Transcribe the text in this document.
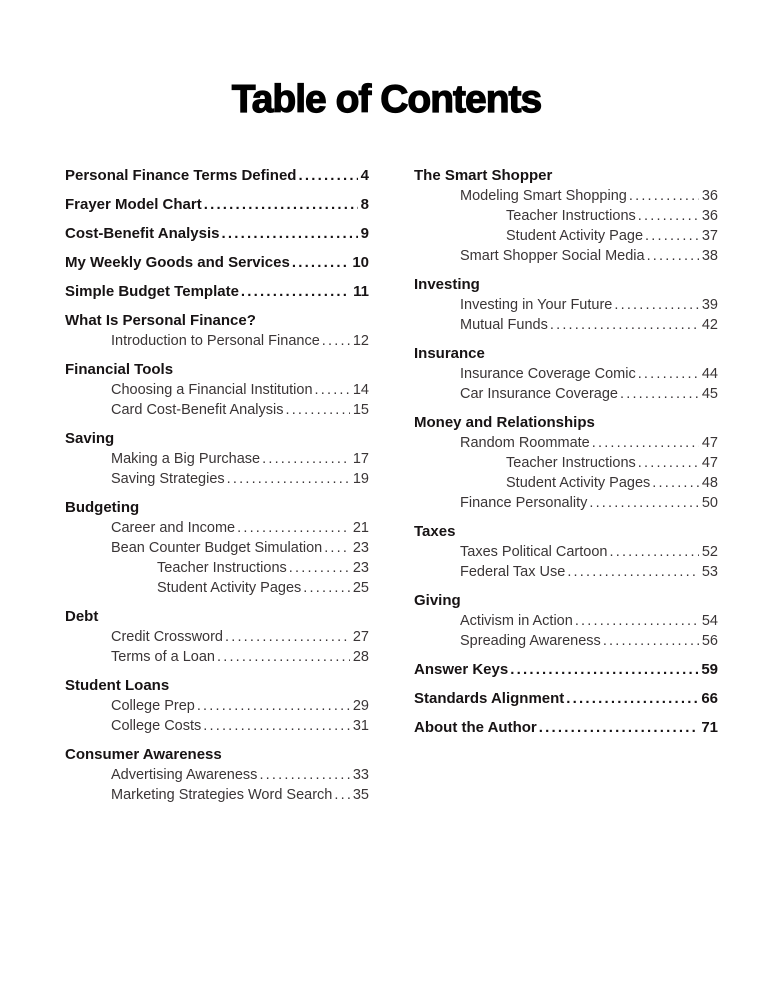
Table of Contents
Personal Finance Terms Defined .....	4
Frayer Model Chart .....	8
Cost-Benefit Analysis .....	9
My Weekly Goods and Services .....	10
Simple Budget Template .....	11
What Is Personal Finance?
Introduction to Personal Finance ..... 12
Financial Tools
Choosing a Financial Institution .....	14
Card Cost-Benefit Analysis .....	15
Saving
Making a Big Purchase .....	17
Saving Strategies .....	19
Budgeting
Career and Income .....	21
Bean Counter Budget Simulation ..... 23
Teacher Instructions .....	23
Student Activity Pages .....	25
Debt
Credit Crossword .....	27
Terms of a Loan .....	28
Student Loans
College Prep .....	29
College Costs .....	31
Consumer Awareness
Advertising Awareness .....	33
Marketing Strategies Word Search ..... 35
The Smart Shopper
Modeling Smart Shopping .....	36
Teacher Instructions .....	36
Student Activity Page .....	37
Smart Shopper Social Media .....	38
Investing
Investing in Your Future .....	39
Mutual Funds .....	42
Insurance
Insurance Coverage Comic .....	44
Car Insurance Coverage .....	45
Money and Relationships
Random Roommate .....	47
Teacher Instructions .....	47
Student Activity Pages .....	48
Finance Personality .....	50
Taxes
Taxes Political Cartoon .....	52
Federal Tax Use .....	53
Giving
Activism in Action .....	54
Spreading Awareness .....	56
Answer Keys .....	59
Standards Alignment .....	66
About the Author .....	71
